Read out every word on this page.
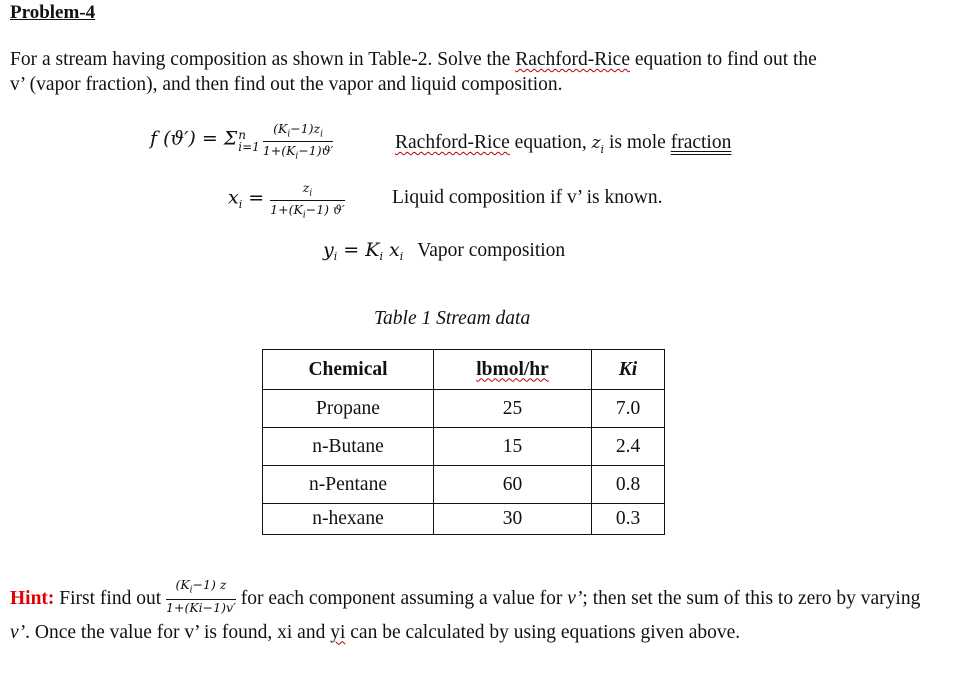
Problem-4
For a stream having composition as shown in Table-2. Solve the Rachford-Rice equation to find out the
v’ (vapor fraction), and then find out the vapor and liquid composition.
f (ϑ′) = Σ n
$i=1 \frac{(K_i-1)z_i}{1+(K_i-1)ϑ'}$	Rachford-Rice equation, $z_i$ is mole fraction
$x_i = \frac{z_i}{1+(K_i-1) ϑ'}$ Liquid composition if v’ is known.
$y_i = K_i$ $x_i$ Vapor composition
Table 1 Stream data
Chemical	lbmol/hr	Ki
Propane	25	7.0
n-Butane	15	2.4
n-Pentane	60	0.8
n-hexane	30	0.3
Hint: First find out $\frac{(K_i-1) z}{1+(Ki-1)v'}$ for each component assuming a value for v’; then set the sum of this to zero by varying v’. Once the value for v’ is found, xi and yi can be calculated by using equations given above.
